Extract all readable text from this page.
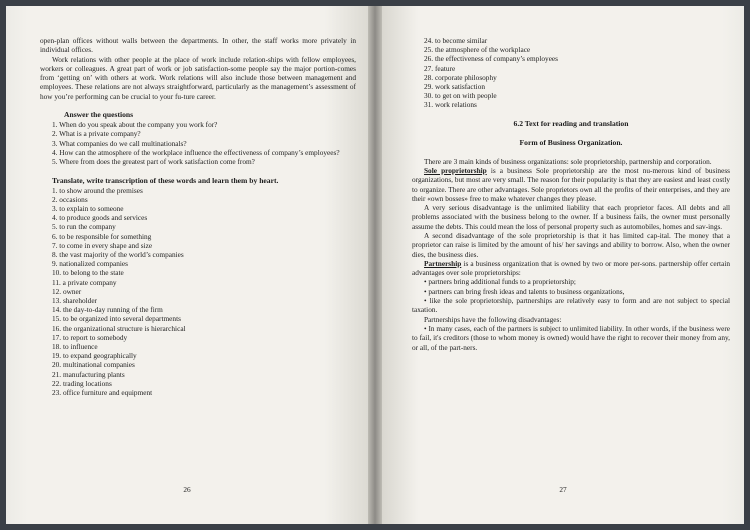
open-plan offices without walls between the departments. In other, the staff works more privately in individual offices.

Work relations with other people at the place of work include relation-ships with fellow employees, workers or colleagues. A great part of work or job satisfaction-some people say the major portion-comes from ‘getting on’ with others at work. Work relations will also include those between management and employees. These relations are not always straightforward, particularly as the management’s assessment of how you’re performing can be crucial to your fu-ture career.

Answer the questions

1. When do you speak about the company you work for?

2. What is a private company?

3. What companies do we call multinationals?

4. How can the atmosphere of the workplace influence the effectiveness of company’s employees?

5. Where from does the greatest part of work satisfaction come from?

Translate, write transcription of these words and learn them by heart.

1. to show around the premises
2. occasions
3. to explain to someone
4. to produce goods and services
5. to run the company
6. to be responsible for something
7. to come in every shape and size
8. the vast majority of the world’s companies
9. nationalized companies
10. to belong to the state
11. a private company
12. owner
13. shareholder
14. the day-to-day running of the firm
15. to be organized into several departments
16. the organizational structure is hierarchical
17. to report to somebody
18. to influence
19. to expand geographically
20. multinational companies
21. manufacturing plants
22. trading locations
23. office furniture and equipment
26
24. to become similar
25. the atmosphere of the workplace
26. the effectiveness of company’s employees
27. feature
28. corporate philosophy
29. work satisfaction
30. to get on with people
31. work relations

6.2 Text for reading and translation

Form of Business Organization.

There are 3 main kinds of business organizations: sole proprietorship, partnership and corporation.

Sole proprietorship is a business Sole proprietorship are the most nu-merous kind of business organizations, but most are very small. The reason for their popularity is that they are easiest and least costly to organize. There are other advantages. Sole proprietors own all the profits of their enterprises, and they are their «own bosses» free to make whatever changes they please.

A very serious disadvantage is the unlimited liability that each proprietor faces. All debts and all problems associated with the business belong to the owner. If a business fails, the owner must personally assume the debts. This could mean the loss of personal property such as automobiles, homes and sav-ings.

A second disadvantage of the sole proprietorship is that it has limited cap-ital. The money that a proprietor can raise is limited by the amount of his/ her savings and ability to borrow. Also, when the owner dies, the business dies.

Partnership is a business organization that is owned by two or more per-sons. partnership offer certain advantages over sole proprietorships:

• partners bring additional funds to a proprietorship;

• partners can bring fresh ideas and talents to business organizations,

• like the sole proprietorship, partnerships are relatively easy to form and are not subject to special taxation.

Partnerships have the following disadvantages:

• In many cases, each of the partners is subject to unlimited liability. In other words, if the business were to fail, it's creditors (those to whom money is owned) would have the right to recover their money from any, or all, of the part-ners.

27
